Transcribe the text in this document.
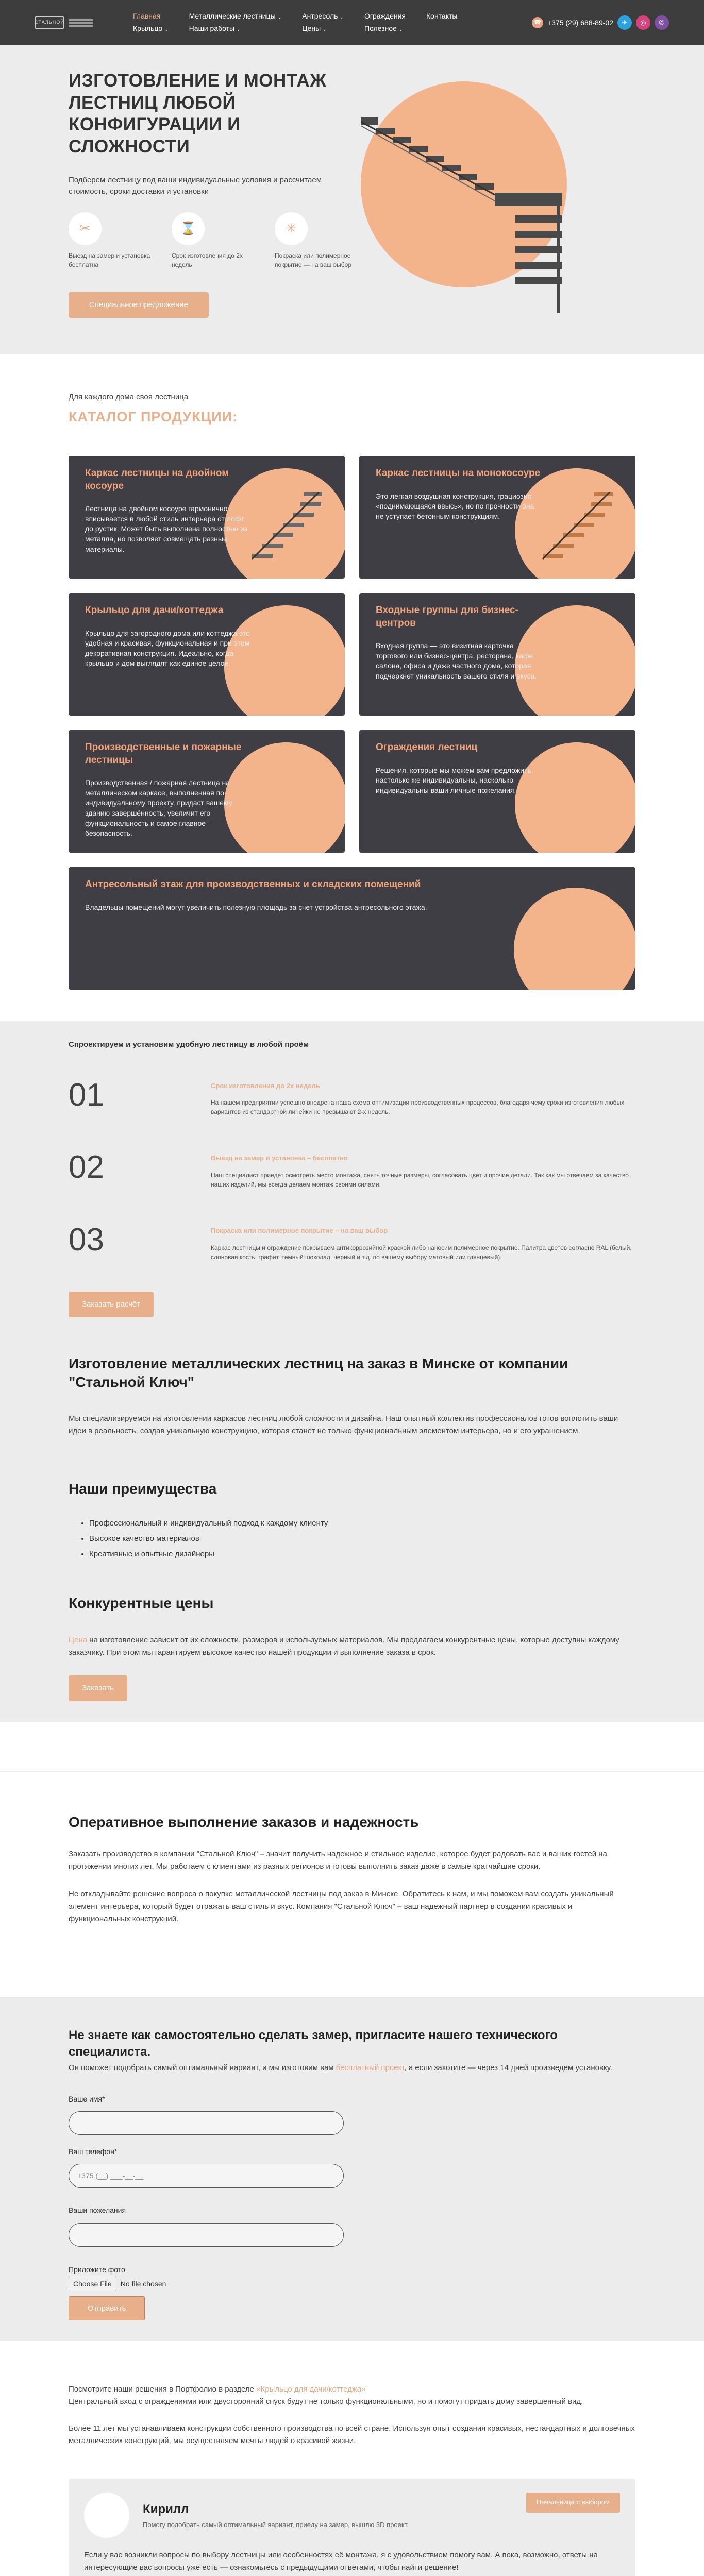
СТАЛЬНОЙ
Главная
Крыльцо ⌄
Металлические лестницы ⌄
Наши работы ⌄
Антресоль ⌄
Цены ⌄
Ограждения
Полезное ⌄
Контакты
☎ +375 (29) 688-89-02	✈	◎	✆
ИЗГОТОВЛЕНИЕ И МОНТАЖ ЛЕСТНИЦ ЛЮБОЙ КОНФИГУРАЦИИ И СЛОЖНОСТИ

Подберем лестницу под ваши индивидуальные условия и рассчитаем стоимость, сроки доставки и установки

✂
Выезд на замер и установка бесплатна
⌛
Срок изготовления до 2х недель
✳
Покраска или полимерное покрытие — на ваш выбор
Специальное предложение

Для каждого дома своя лестница

КАТАЛОГ ПРОДУКЦИИ:
Каркас лестницы на двойном косоуре

Лестница на двойном косоуре гармонично вписывается в любой стиль интерьера от лофт до рустик. Может быть выполнена полностью из металла, но позволяет совмещать разные материалы.

Каркас лестницы на монокосоуре

Это легкая воздушная конструкция, грациозно «поднимающаяся ввысь», но по прочности она не уступает бетонным конструкциям.

Крыльцо для дачи/коттеджа

Крыльцо для загородного дома или коттеджа это удобная и красивая, функциональная и при этом декоративная конструкция. Идеально, когда крыльцо и дом выглядят как единое целое.

Входные группы для бизнес-центров

Входная группа — это визитная карточка торгового или бизнес-центра, ресторана, кафе, салона, офиса и даже частного дома, которая подчеркнет уникальность вашего стиля и вкуса.

Производственные и пожарные лестницы

Производственная / пожарная лестница на металлическом каркасе, выполненная по индивидуальному проекту, придаст вашему зданию завершённость, увеличит его функциональность и самое главное – безопасность.

Ограждения лестниц

Решения, которые мы можем вам предложить, настолько же индивидуальны, насколько индивидуальны ваши личные пожелания.

Антресольный этаж для производственных и складских помещений

Владельцы помещений могут увеличить полезную площадь за счет устройства антресольного этажа.

Спроектируем и установим удобную лестницу в любой проём
01	Срок изготовления до 2х недель

На нашем предприятии успешно внедрена наша схема оптимизации производственных процессов, благодаря чему сроки изготовления любых вариантов из стандартной линейки не превышают 2-х недель.

02	Выезд на замер и установка – бесплатно

Наш специалист приедет осмотреть место монтажа, снять точные размеры, согласовать цвет и прочие детали. Так как мы отвечаем за качество наших изделий, мы всегда делаем монтаж своими силами.

03	Покраска или полимерное покрытие – на ваш выбор

Каркас лестницы и ограждение покрываем антикоррозийной краской либо наносим полимерное покрытие. Палитра цветов согласно RAL (белый, слоновая кость, графит, темный шоколад, черный и т.д. по вашему выбору матовый или глянцевый).

Заказать расчёт
Изготовление металлических лестниц на заказ в Минске от компании "Стальной Ключ"

Мы специализируемся на изготовлении каркасов лестниц любой сложности и дизайна. Наш опытный коллектив профессионалов готов воплотить ваши идеи в реальность, создав уникальную конструкцию, которая станет не только функциональным элементом интерьера, но и его украшением.

Наши преимущества
• Профессиональный и индивидуальный подход к каждому клиенту
• Высокое качество материалов
• Креативные и опытные дизайнеры
Конкурентные цены

Цена на изготовление зависит от их сложности, размеров и используемых материалов. Мы предлагаем конкурентные цены, которые доступны каждому заказчику. При этом мы гарантируем высокое качество нашей продукции и выполнение заказа в срок.

Заказать
Оперативное выполнение заказов и надежность

Заказать производство в компании "Стальной Ключ" – значит получить надежное и стильное изделие, которое будет радовать вас и ваших гостей на протяжении многих лет. Мы работаем с клиентами из разных регионов и готовы выполнить заказ даже в самые кратчайшие сроки.

Не откладывайте решение вопроса о покупке металлической лестницы под заказ в Минске. Обратитесь к нам, и мы поможем вам создать уникальный элемент интерьера, который будет отражать ваш стиль и вкус. Компания "Стальной Ключ" – ваш надежный партнер в создании красивых и функциональных конструкций.

Не знаете как самостоятельно сделать замер, пригласите нашего технического специалиста.

Он поможет подобрать самый оптимальный вариант, и мы изготовим вам бесплатный проект, а если захотите — через 14 дней произведем установку.

Ваше имя*
Ваш телефон*
+375 (__) ___-__-__
Ваши пожелания
Приложите фото
Choose File	No file chosen
Отправить

Посмотрите наши решения в Портфолио в разделе «Крыльцо для дачи/коттеджа»
Центральный вход с ограждениями или двусторонний спуск будут не только функциональными, но и помогут придать дому завершенный вид.

Более 11 лет мы устанавливаем конструкции собственного производства по всей стране. Используя опыт создания красивых, нестандартных и долговечных металлических конструкций, мы осуществляем мечты людей о красивой жизни.

Кирилл
Помогу подобрать самый оптимальный вариант, приеду на замер, вышлю 3D проект.
Начальница с выбором

Если у вас возникли вопросы по выбору лестницы или особенностях её монтажа, я с удовольствием помогу вам. А пока, возможно, ответы на интересующие вас вопросы уже есть — ознакомьтесь с предыдущими ответами, чтобы найти решение!
